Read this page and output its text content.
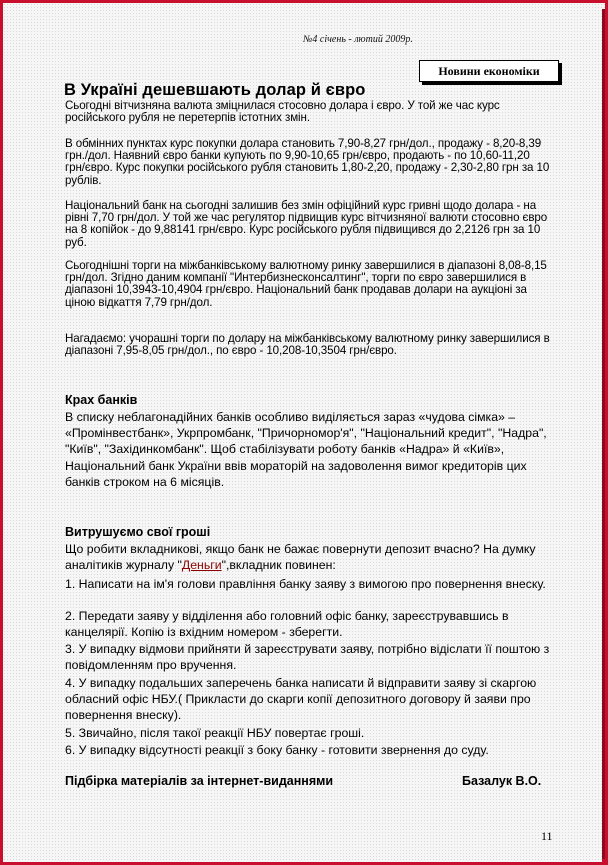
№4 січень - лютий 2009р.
Новини економіки
В Україні дешевшають долар й євро
Сьогодні вітчизняна валюта зміцнилася стосовно долара і євро. У той же час курс російського рубля не перетерпів істотних змін.
В обмінних пунктах курс покупки долара становить 7,90-8,27 грн/дол., продажу - 8,20-8,39 грн./дол. Наявний євро банки купують по 9,90-10,65 грн/євро, продають - по 10,60-11,20 грн/євро. Курс покупки російського рубля становить 1,80-2,20, продажу - 2,30-2,80 грн за 10 рублів.
Національний банк на сьогодні залишив без змін офіційний курс гривні щодо долара - на рівні 7,70 грн/дол. У той же час регулятор підвищив курс вітчизняної валюти стосовно євро на 8 копійок - до 9,88141 грн/євро. Курс російського рубля підвищився до 2,2126 грн за 10 руб.
Сьогоднішні торги на міжбанківському валютному ринку завершилися в діапазоні 8,08-8,15 грн/дол. Згідно даним компанії "Интербизнесконсалтинг", торги по євро завершилися в діапазоні 10,3943-10,4904 грн/євро. Національний банк продавав долари на аукціоні за ціною відкаття 7,79 грн/дол.
Нагадаємо: учорашні торги по долару на міжбанківському валютному ринку завершилися в діапазоні 7,95-8,05 грн/дол., по євро - 10,208-10,3504 грн/євро.
Крах банків
В списку неблагонадійних банків особливо виділяється зараз «чудова сімка» – «Промінвестбанк», Укрпромбанк, "Причорномор'я", "Національний кредит", "Надра", "Київ", "Західинкомбанк". Щоб стабілізувати роботу банків «Надра» й «Київ», Національний банк України ввів мораторій на задоволення вимог кредиторів цих банків строком на 6 місяців.
Витрушуємо свої гроші
Що робити вкладникові, якщо банк не бажає повернути депозит вчасно? На думку аналітиків журналу "Деньги",вкладник повинен:
1. Написати на ім'я голови правління банку заяву з вимогою про повернення внеску.
2. Передати заяву у відділення або головний офіс банку, зареєструвавшись в канцелярії. Копію із вхідним номером - зберегти.
3. У випадку відмови прийняти й зареєструвати заяву, потрібно відіслати її поштою з повідомленням про вручення.
4. У випадку подальших заперечень банка написати й відправити заяву зі скаргою обласний офіс НБУ.( Прикласти до скарги копії депозитного договору й заяви про повернення внеску).
5. Звичайно, після такої реакції НБУ повертає гроші.
6. У випадку відсутності реакції з боку банку - готовити звернення до суду.
Підбірка матеріалів за інтернет-виданнями	Базалук В.О.
11
